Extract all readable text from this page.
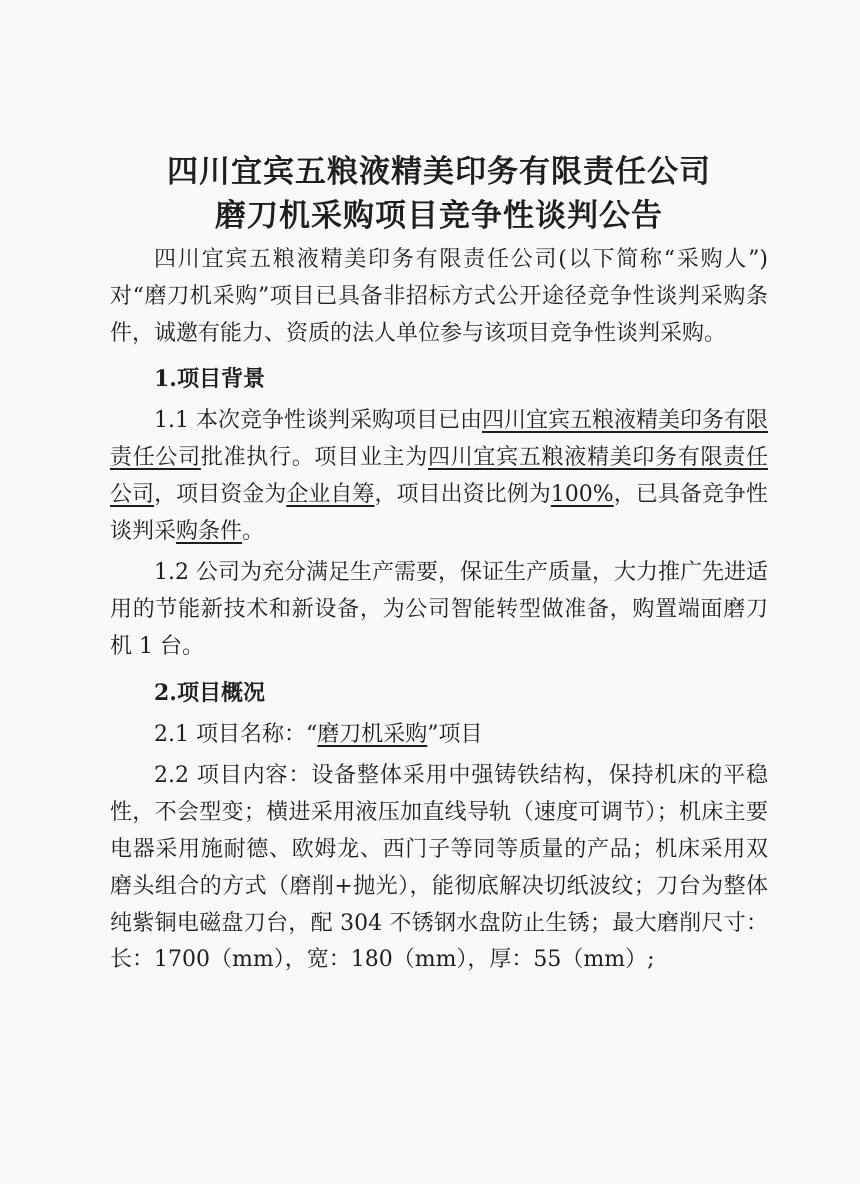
四川宜宾五粮液精美印务有限责任公司
磨刀机采购项目竞争性谈判公告

四川宜宾五粮液精美印务有限责任公司(以下简称“采购人”)对“磨刀机采购”项目已具备非招标方式公开途径竞争性谈判采购条件，诚邀有能力、资质的法人单位参与该项目竞争性谈判采购。

1.项目背景

1.1 本次竞争性谈判采购项目已由四川宜宾五粮液精美印务有限责任公司批准执行。项目业主为四川宜宾五粮液精美印务有限责任公司，项目资金为企业自筹，项目出资比例为100%，已具备竞争性谈判采购条件。

1.2 公司为充分满足生产需要，保证生产质量，大力推广先进适用的节能新技术和新设备，为公司智能转型做准备，购置端面磨刀机 1 台。

2.项目概况

2.1 项目名称：“磨刀机采购”项目

2.2 项目内容：设备整体采用中强铸铁结构，保持机床的平稳性，不会型变；横进采用液压加直线导轨（速度可调节）；机床主要电器采用施耐德、欧姆龙、西门子等同等质量的产品；机床采用双磨头组合的方式（磨削+抛光），能彻底解决切纸波纹；刀台为整体纯紫铜电磁盘刀台，配 304 不锈钢水盘防止生锈；最大磨削尺寸：长：1700（mm），宽：180（mm），厚：55（mm）;
